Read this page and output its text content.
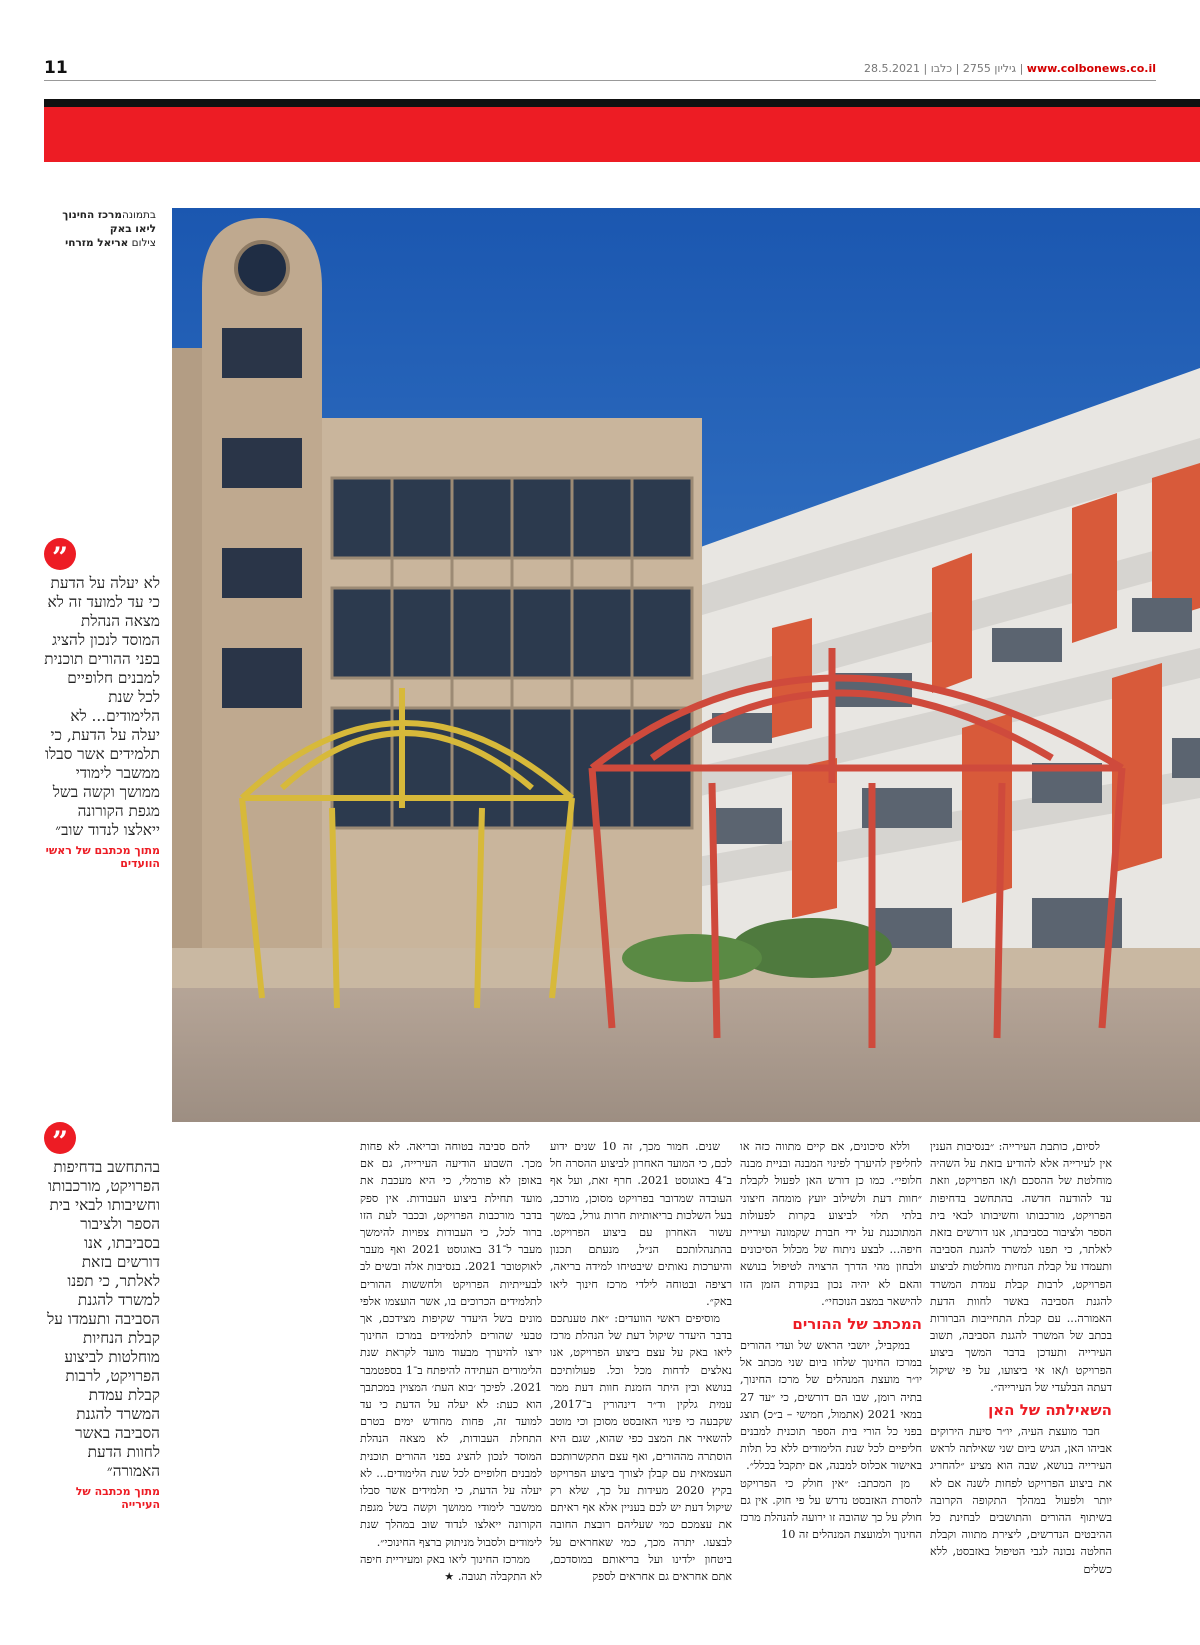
11	28.5.2021 |	גיליון 2755 | כלבו	| www.colbonews.co.il
בתמונהמרכז החינוך
ליאו באק
צילום אריאל מזרחי
”
לא יעלה על הדעת כי עד למועד זה לא מצאה הנהלת המוסד לנכון להציג בפני ההורים תוכנית למבנים חלופיים לכל שנת הלימודים... לא יעלה על הדעת, כי תלמידים אשר סבלו ממשבר לימודי ממושך וקשה בשל מגפת הקורונה ייאלצו לנדוד שוב״
מתוך מכתבם של ראשי הוועדים
”
בהתחשב בדחיפות הפרויקט, מורכבותו וחשיבותו לבאי בית הספר ולציבור בסביבתו, אנו דורשים בזאת לאלתר, כי תפנו למשרד להגנת הסביבה ותעמדו על קבלת הנחיות מוחלטות לביצוע הפרויקט, לרבות קבלת עמדת המשרד להגנת הסביבה באשר לחוות הדעת האמורה״
מתוך מכתבה של העירייה

לסיום, כותבת העירייה: ״בנסיבות הענין אין לעירייה אלא להודיע בזאת על השהיה מוחלטת של ההסכם ו/או הפרויקט, וזאת עד להודעה חדשה. בהתחשב בדחיפות הפרויקט, מורכבותו וחשיבותו לבאי בית הספר ולציבור בסביבתו, אנו דורשים בזאת לאלתר, כי תפנו למשרד להגנת הסביבה ותעמדו על קבלת הנחיות מוחלטות לביצוע הפרויקט, לרבות קבלת עמדת המשרד להגנת הסביבה באשר לחוות הדעת האמורה... עם קבלת התחייבות הברורות בכתב של המשרד להגנת הסביבה, תשוב העירייה ותעדכן בדבר המשך ביצוע הפרויקט ו/או אי ביצועו, על פי שיקול דעתה הבלעדי של העירייה״.

השאילתה של האן

חבר מועצת העיה, יו״ר סיעת הירוקים אביהו האן, הגיש ביום שני שאילתה לראש העירייה בנושא, שבה הוא מציע ״להחריג את ביצוע הפרויקט לפחות לשנה אם לא יותר ולפעול במהלך התקופה הקרובה בשיתוף ההורים והתושבים לבחינת כל ההיבטים הנדרשים, ליצירת מתווה וקבלת החלטה נכונה לגבי הטיפול באזבסט, ללא כשלים

וללא סיכונים, אם קיים מתווה כזה או לחליפין להיערך לפינוי המבנה ובניית מבנה חלופי״. כמו כן דורש האן לפעול לקבלת ״חוות דעת ולשילוב יועץ מומחה חיצוני בלתי תלוי לביצוע בקרות לפעולות המתוכננת על ידי חברת שקמונה ועיריית חיפה... לבצע ניתוח של מכלול הסיכונים ולבחון מהי הדרך הרצויה לטיפול בנושא והאם לא יהיה נכון בנקודת הזמן הזו להישאר במצב הנוכחי״.

המכתב של ההורים

במקביל, יושבי הראש של ועדי ההורים במרכז החינוך שלחו ביום שני מכתב אל יו״ר מועצת המנהלים של מרכז החינוך, בתיה רומן, שבו הם דורשים, כי ״עד 27 במאי 2021 (אתמול, חמישי – ב״כ) תוצג בפני כל הורי בית הספר תוכנית למבנים חליפיים לכל שנת הלימודים ללא כל תלות באישור אכלוס למבנה, אם יתקבל בכלל״.

מן המכתב: ״אין חולק כי הפרויקט להסרת האזבסט נדרש על פי חוק. אין גם חולק על כך שהובה זו ירועה להנהלת מרכז החינוך ולמועצת המנהלים זה 10

שנים. חמור מכך, זה 10 שנים ידוע לכם, כי המועד האחרון לביצוע ההסרה חל ב־4 באוגוסט 2021. חרף זאת, ועל אף העובדה שמדובר בפרויקט מסוכן, מורכב, בעל השלכות בריאותיות חרות גורל, במשך עשור האחרון עם ביצוע הפרויקט. בהתנהלותכם הנ״ל, מנעתם תכנון והיערכות נאותים שיבטיחו למידה בריאה, רציפה ובטוחה לילדי מרכז חינוך ליאו באק״.

מוסיפים ראשי הוועדים: ״את טענתכם בדבר היעדר שיקול דעת של הנהלת מרכז ליאו באק על עצם ביצוע הפרויקט, אנו נאלצים לדחות מכל וכל. פעולותיכם בנושא ובין היתר הזמנת חוות דעת ממר עמית גלקין וד״ר דינהורין ב־2017, שקבעה כי פינוי האזבסט מסוכן וכי מוטב להשאיר את המצב כפי שהוא, שגם היא הוסתרה מההורים, ואף עצם התקשרותכם העצמאית עם קבלן לצורך ביצוע הפרויקט בקיץ 2020 מעידות על כך, שלא רק שיקול דעת יש לכם בעניין אלא אף ראיתם את עצמכם כמי שעליהם רובצת החובה לבצעו. יתרה מכך, כמי שאחראים על ביטחון ילדינו ועל בריאותם במוסדכם, אתם אחראים גם אחראים לספק

להם סביבה בטוחה ובריאה. לא פחות מכך. השבוע הודיעה העירייה, גם אם באופן לא פורמלי, כי היא מעכבת את מועד תחילת ביצוע העבודות. אין ספק בדבר מורכבות הפרויקט, ובכבר לעת הזו ברור לכל, כי העבודות צפויות להימשך מעבר ל־31 באוגוסט 2021 ואף מעבר לאוקטובר 2021. בנסיבות אלה ובשים לב לבעייתיות הפרויקט ולחששות ההורים לתלמידים הכרוכים בו, אשר הועצמו אלפי מונים בשל היעדר שקיפות מצידכם, אך טבעי שהורים לתלמידים במרכז החינוך ירצו להיערך מבעוד מועד לקראת שנת הלימודים העתידה להיפתח ב־1 בספטמבר 2021. לפיכך ׳בוא העת׳ המצוין במכתבך הוא כעת: לא יעלה על הדעת כי עד למועד זה, פחות מחודש ימים בטרם התחלת העבודות, לא מצאה הנהלת המוסד לנכון להציג בפני ההורים תוכנית למבנים חלופיים לכל שנת הלימודים... לא יעלה על הדעת, כי תלמידים אשר סבלו ממשבר לימודי ממושך וקשה בשל מגפת הקורונה ייאלצו לנדוד שוב במהלך שנת לימודים ולסבול מניתוק ברצף החינוכי״.

ממרכז החינוך ליאו באק ומעיריית חיפה לא התקבלה תגובה. ★
